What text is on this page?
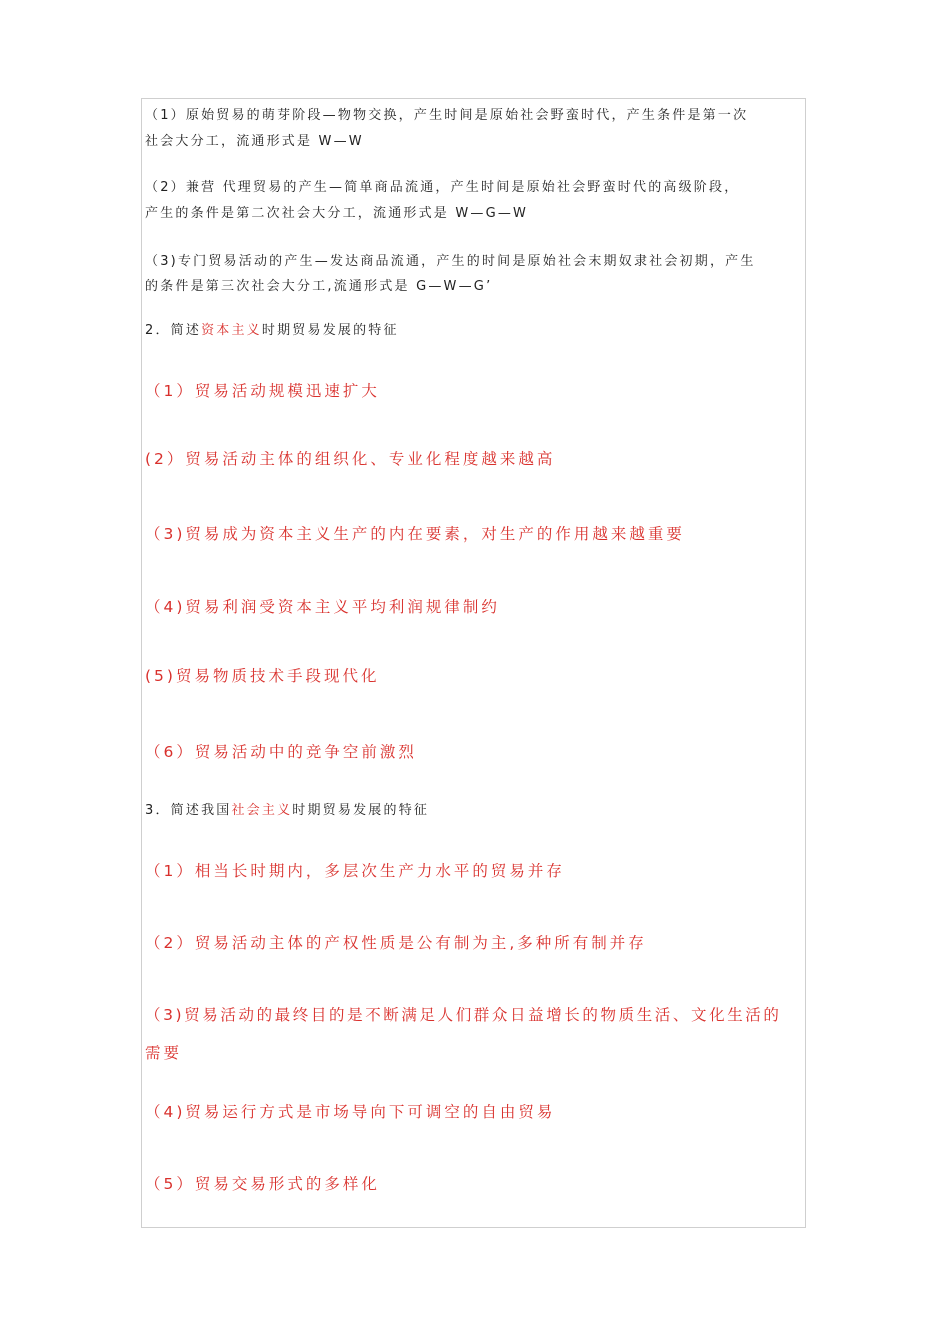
（1）原始贸易的萌芽阶段—物物交换，产生时间是原始社会野蛮时代，产生条件是第一次
社会大分工，流通形式是 W—W
（2）兼营 代理贸易的产生—简单商品流通，产生时间是原始社会野蛮时代的高级阶段，
产生的条件是第二次社会大分工，流通形式是 W—G—W
（3)专门贸易活动的产生—发达商品流通，产生的时间是原始社会末期奴隶社会初期，产生
的条件是第三次社会大分工,流通形式是 G—W—G’
2．简述资本主义时期贸易发展的特征
（1）贸易活动规模迅速扩大
(2）贸易活动主体的组织化、专业化程度越来越高
（3)贸易成为资本主义生产的内在要素，对生产的作用越来越重要
（4)贸易利润受资本主义平均利润规律制约
(5)贸易物质技术手段现代化
（6）贸易活动中的竞争空前激烈
3．简述我国社会主义时期贸易发展的特征
（1）相当长时期内，多层次生产力水平的贸易并存
（2）贸易活动主体的产权性质是公有制为主,多种所有制并存
（3)贸易活动的最终目的是不断满足人们群众日益增长的物质生活、文化生活的
需要
（4)贸易运行方式是市场导向下可调空的自由贸易
（5）贸易交易形式的多样化
